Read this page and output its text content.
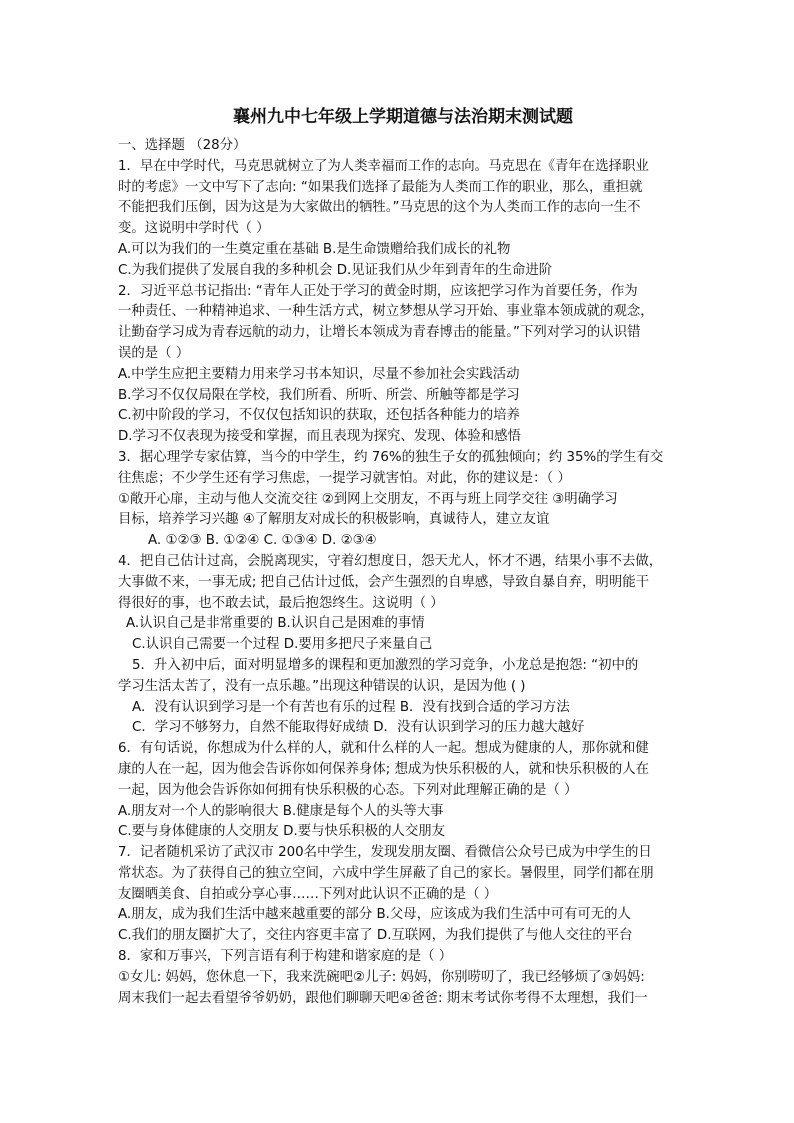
襄州九中七年级上学期道德与法治期末测试题
一、选择题 （28分）
1．早在中学时代，马克思就树立了为人类幸福而工作的志向。马克思在《青年在选择职业
时的考虑》一文中写下了志向: “如果我们选择了最能为人类而工作的职业，那么，重担就
不能把我们压倒，因为这是为大家做出的牺牲。”马克思的这个为人类而工作的志向一生不
变。这说明中学时代（ ）
A.可以为我们的一生奠定重在基础 B.是生命馈赠给我们成长的礼物
C.为我们提供了发展自我的多种机会 D.见证我们从少年到青年的生命进阶
2．习近平总书记指出: “青年人正处于学习的黄金时期，应该把学习作为首要任务，作为
一种责任、一种精神追求、一种生活方式，树立梦想从学习开始、事业靠本领成就的观念，
让勤奋学习成为青春远航的动力，让增长本领成为青春博击的能量。”下列对学习的认识错
误的是（ ）
A.中学生应把主要精力用来学习书本知识，尽量不参加社会实践活动
B.学习不仅仅局限在学校，我们所看、所听、所尝、所触等都是学习
C.初中阶段的学习，不仅仅包括知识的获取，还包括各种能力的培养
D.学习不仅表现为接受和掌握，而且表现为探究、发现、体验和感悟
3．据心理学专家估算，当今的中学生，约 76%的独生子女的孤独倾向；约 35%的学生有交
往焦虑；不少学生还有学习焦虑，一提学习就害怕。对此，你的建议是：（ ）
①敞开心扉，主动与他人交流交往 ②到网上交朋友，不再与班上同学交往 ③明确学习
目标，培养学习兴趣 ④了解朋友对成长的积极影响，真诚待人，建立友谊
A. ①②③ B. ①②④ C. ①③④ D. ②③④
4．把自己估计过高，会脱离现实，守着幻想度日，怨天尤人，怀才不遇，结果小事不去做，
大事做不来，一事无成; 把自己估计过低，会产生强烈的自卑感，导致自暴自弃，明明能干
得很好的事，也不敢去试，最后抱怨终生。这说明（ ）
A.认识自己是非常重要的 B.认识自己是困难的事情
C.认识自己需要一个过程 D.要用多把尺子来量自己
5．升入初中后，面对明显增多的课程和更加激烈的学习竞争，小龙总是抱怨: “初中的
学习生活太苦了，没有一点乐趣。”出现这种错误的认识，是因为他 ( )
A．没有认识到学习是一个有苦也有乐的过程 B．没有找到合适的学习方法
C．学习不够努力，自然不能取得好成绩 D．没有认识到学习的压力越大越好
6．有句话说，你想成为什么样的人，就和什么样的人一起。想成为健康的人，那你就和健
康的人在一起，因为他会告诉你如何保养身体; 想成为快乐积极的人，就和快乐积极的人在
一起，因为他会告诉你如何拥有快乐积极的心态。下列对此理解正确的是（ ）
A.朋友对一个人的影响很大 B.健康是每个人的头等大事
C.要与身体健康的人交朋友 D.要与快乐积极的人交朋友
7．记者随机采访了武汉市 200名中学生，发现发朋友圈、看微信公众号已成为中学生的日
常状态。为了获得自己的独立空间，六成中学生屏蔽了自己的家长。暑假里，同学们都在朋
友圈晒美食、自拍或分享心事……下列对此认识不正确的是（ ）
A.朋友，成为我们生活中越来越重要的部分 B.父母，应该成为我们生活中可有可无的人
C.我们的朋友圈扩大了，交往内容更丰富了 D.互联网，为我们提供了与他人交往的平台
8．家和万事兴，下列言语有利于构建和谐家庭的是（ ）
①女儿: 妈妈，您休息一下，我来洗碗吧②儿子: 妈妈，你别唠叨了，我已经够烦了③妈妈:
周末我们一起去看望爷爷奶奶，跟他们聊聊天吧④爸爸: 期末考试你考得不太理想，我们一
